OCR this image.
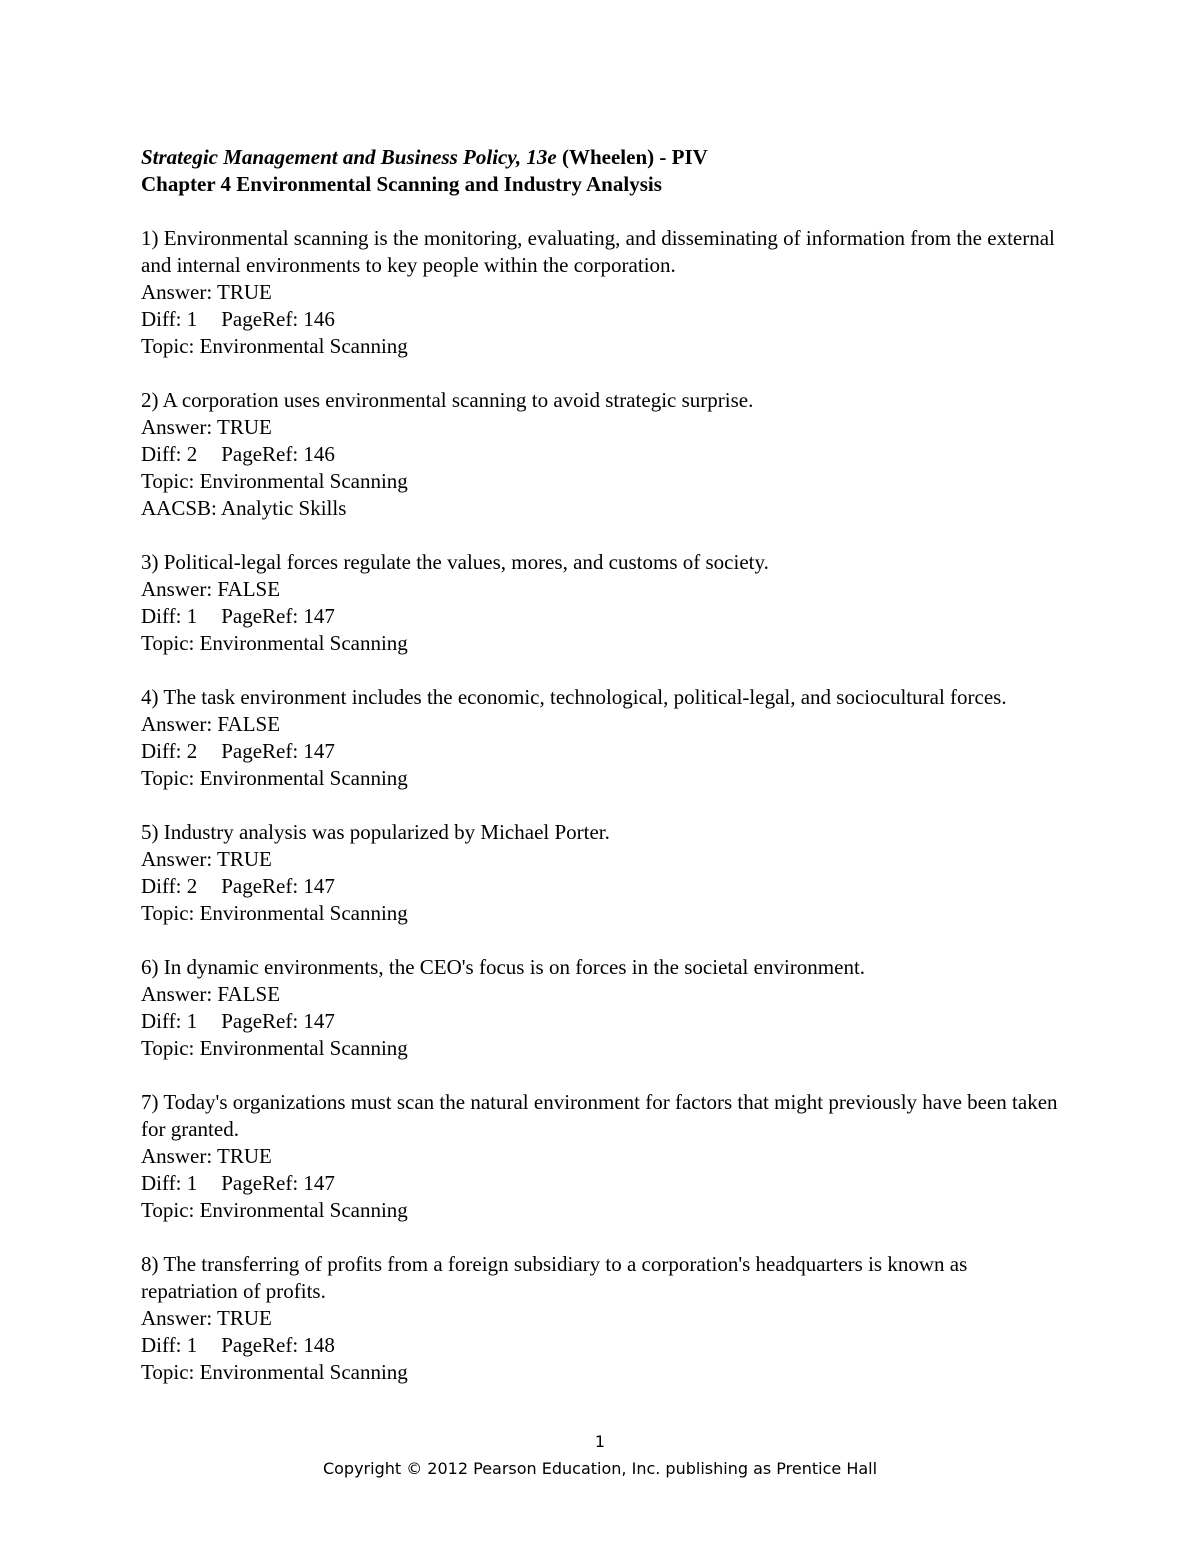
Strategic Management and Business Policy, 13e (Wheelen) - PIV
Chapter 4 Environmental Scanning and Industry Analysis

1) Environmental scanning is the monitoring, evaluating, and disseminating of information from the external and internal environments to key people within the corporation.

Answer: TRUE

Diff: 1 PageRef: 146

Topic: Environmental Scanning

2) A corporation uses environmental scanning to avoid strategic surprise.

Answer: TRUE

Diff: 2 PageRef: 146

Topic: Environmental Scanning

AACSB: Analytic Skills

3) Political-legal forces regulate the values, mores, and customs of society.

Answer: FALSE

Diff: 1 PageRef: 147

Topic: Environmental Scanning

4) The task environment includes the economic, technological, political-legal, and sociocultural forces.

Answer: FALSE

Diff: 2 PageRef: 147

Topic: Environmental Scanning

5) Industry analysis was popularized by Michael Porter.

Answer: TRUE

Diff: 2 PageRef: 147

Topic: Environmental Scanning

6) In dynamic environments, the CEO's focus is on forces in the societal environment.

Answer: FALSE

Diff: 1 PageRef: 147

Topic: Environmental Scanning

7) Today's organizations must scan the natural environment for factors that might previously have been taken for granted.

Answer: TRUE

Diff: 1 PageRef: 147

Topic: Environmental Scanning

8) The transferring of profits from a foreign subsidiary to a corporation's headquarters is known as repatriation of profits.

Answer: TRUE

Diff: 1 PageRef: 148

Topic: Environmental Scanning

1
Copyright © 2012 Pearson Education, Inc. publishing as Prentice Hall
